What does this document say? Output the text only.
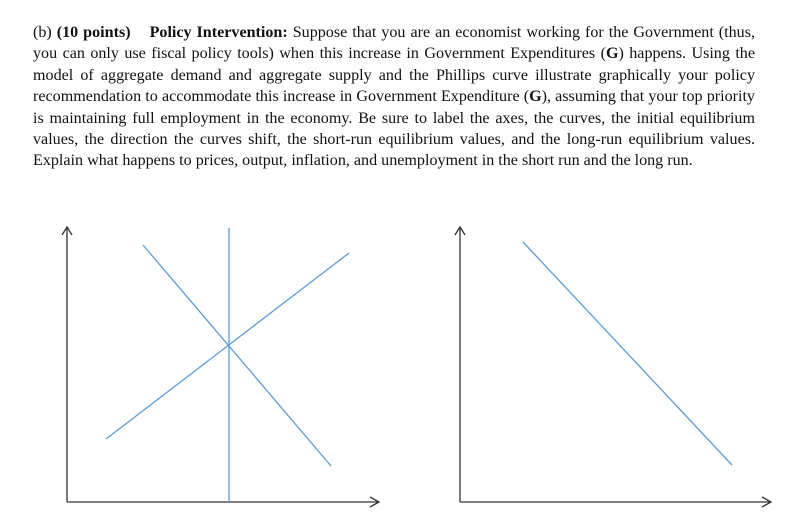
(b) (10 points) Policy Intervention: Suppose that you are an economist working for the Government (thus, you can only use fiscal policy tools) when this increase in Government Expenditures (G) happens. Using the model of aggregate demand and aggregate supply and the Phillips curve illustrate graphically your policy recommendation to accommodate this increase in Government Expenditure (G), assuming that your top priority is maintaining full employment in the economy. Be sure to label the axes, the curves, the initial equilibrium values, the direction the curves shift, the short-run equilibrium values, and the long-run equilibrium values. Explain what happens to prices, output, inflation, and unemployment in the short run and the long run.
